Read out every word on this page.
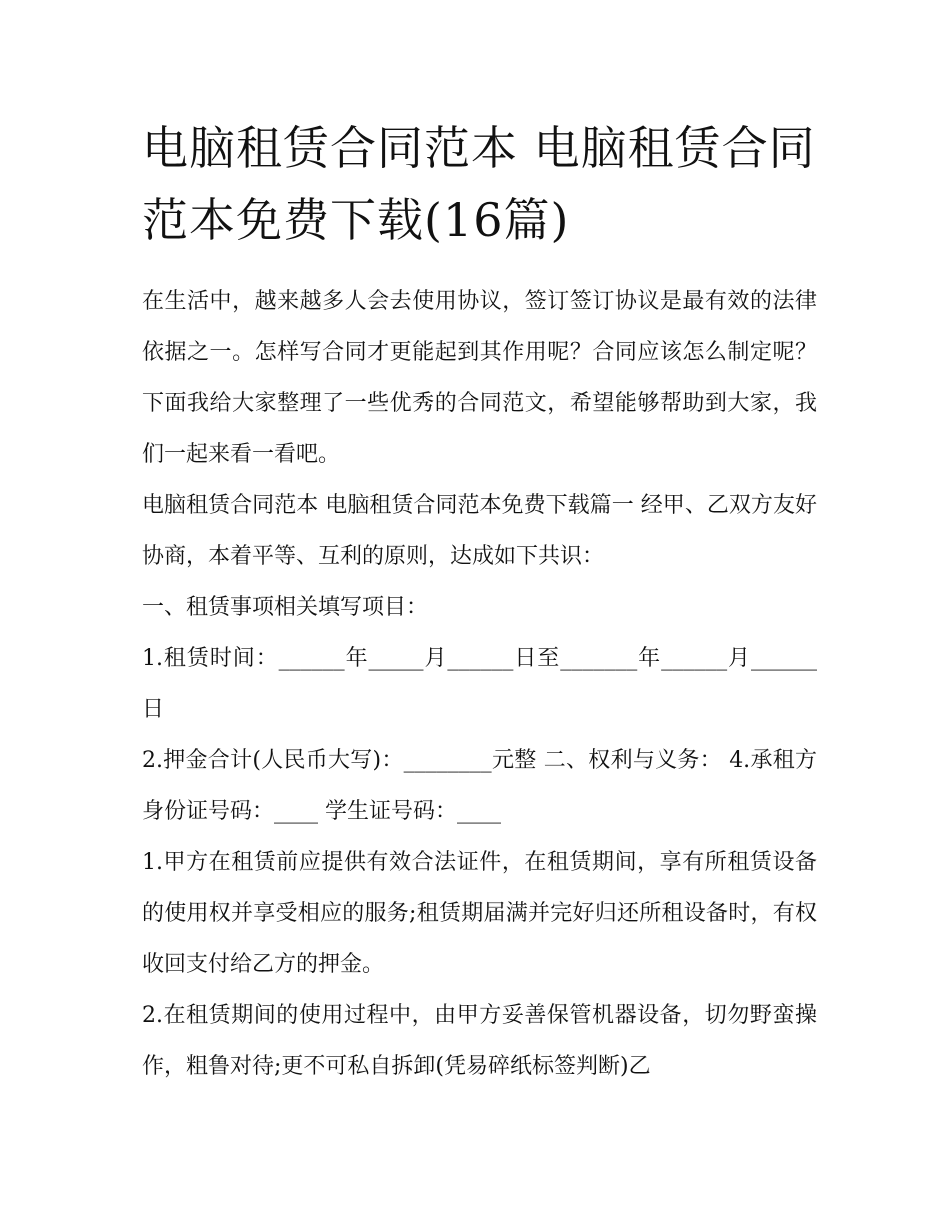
电脑租赁合同范本 电脑租赁合同范本免费下载(16篇)

在生活中，越来越多人会去使用协议，签订签订协议是最有效的法律依据之一。怎样写合同才更能起到其作用呢？合同应该怎么制定呢？下面我给大家整理了一些优秀的合同范文，希望能够帮助到大家，我们一起来看一看吧。

电脑租赁合同范本 电脑租赁合同范本免费下载篇一 经甲、乙双方友好协商，本着平等、互利的原则，达成如下共识：

一、租赁事项相关填写项目：

1.租赁时间：______年_____月______日至_______年______月______日

2.押金合计(人民币大写)：________元整 二、权利与义务： 4.承租方身份证号码：____ 学生证号码：____

1.甲方在租赁前应提供有效合法证件，在租赁期间，享有所租赁设备的使用权并享受相应的服务;租赁期届满并完好归还所租设备时，有权收回支付给乙方的押金。

2.在租赁期间的使用过程中，由甲方妥善保管机器设备，切勿野蛮操作，粗鲁对待;更不可私自拆卸(凭易碎纸标签判断)乙
